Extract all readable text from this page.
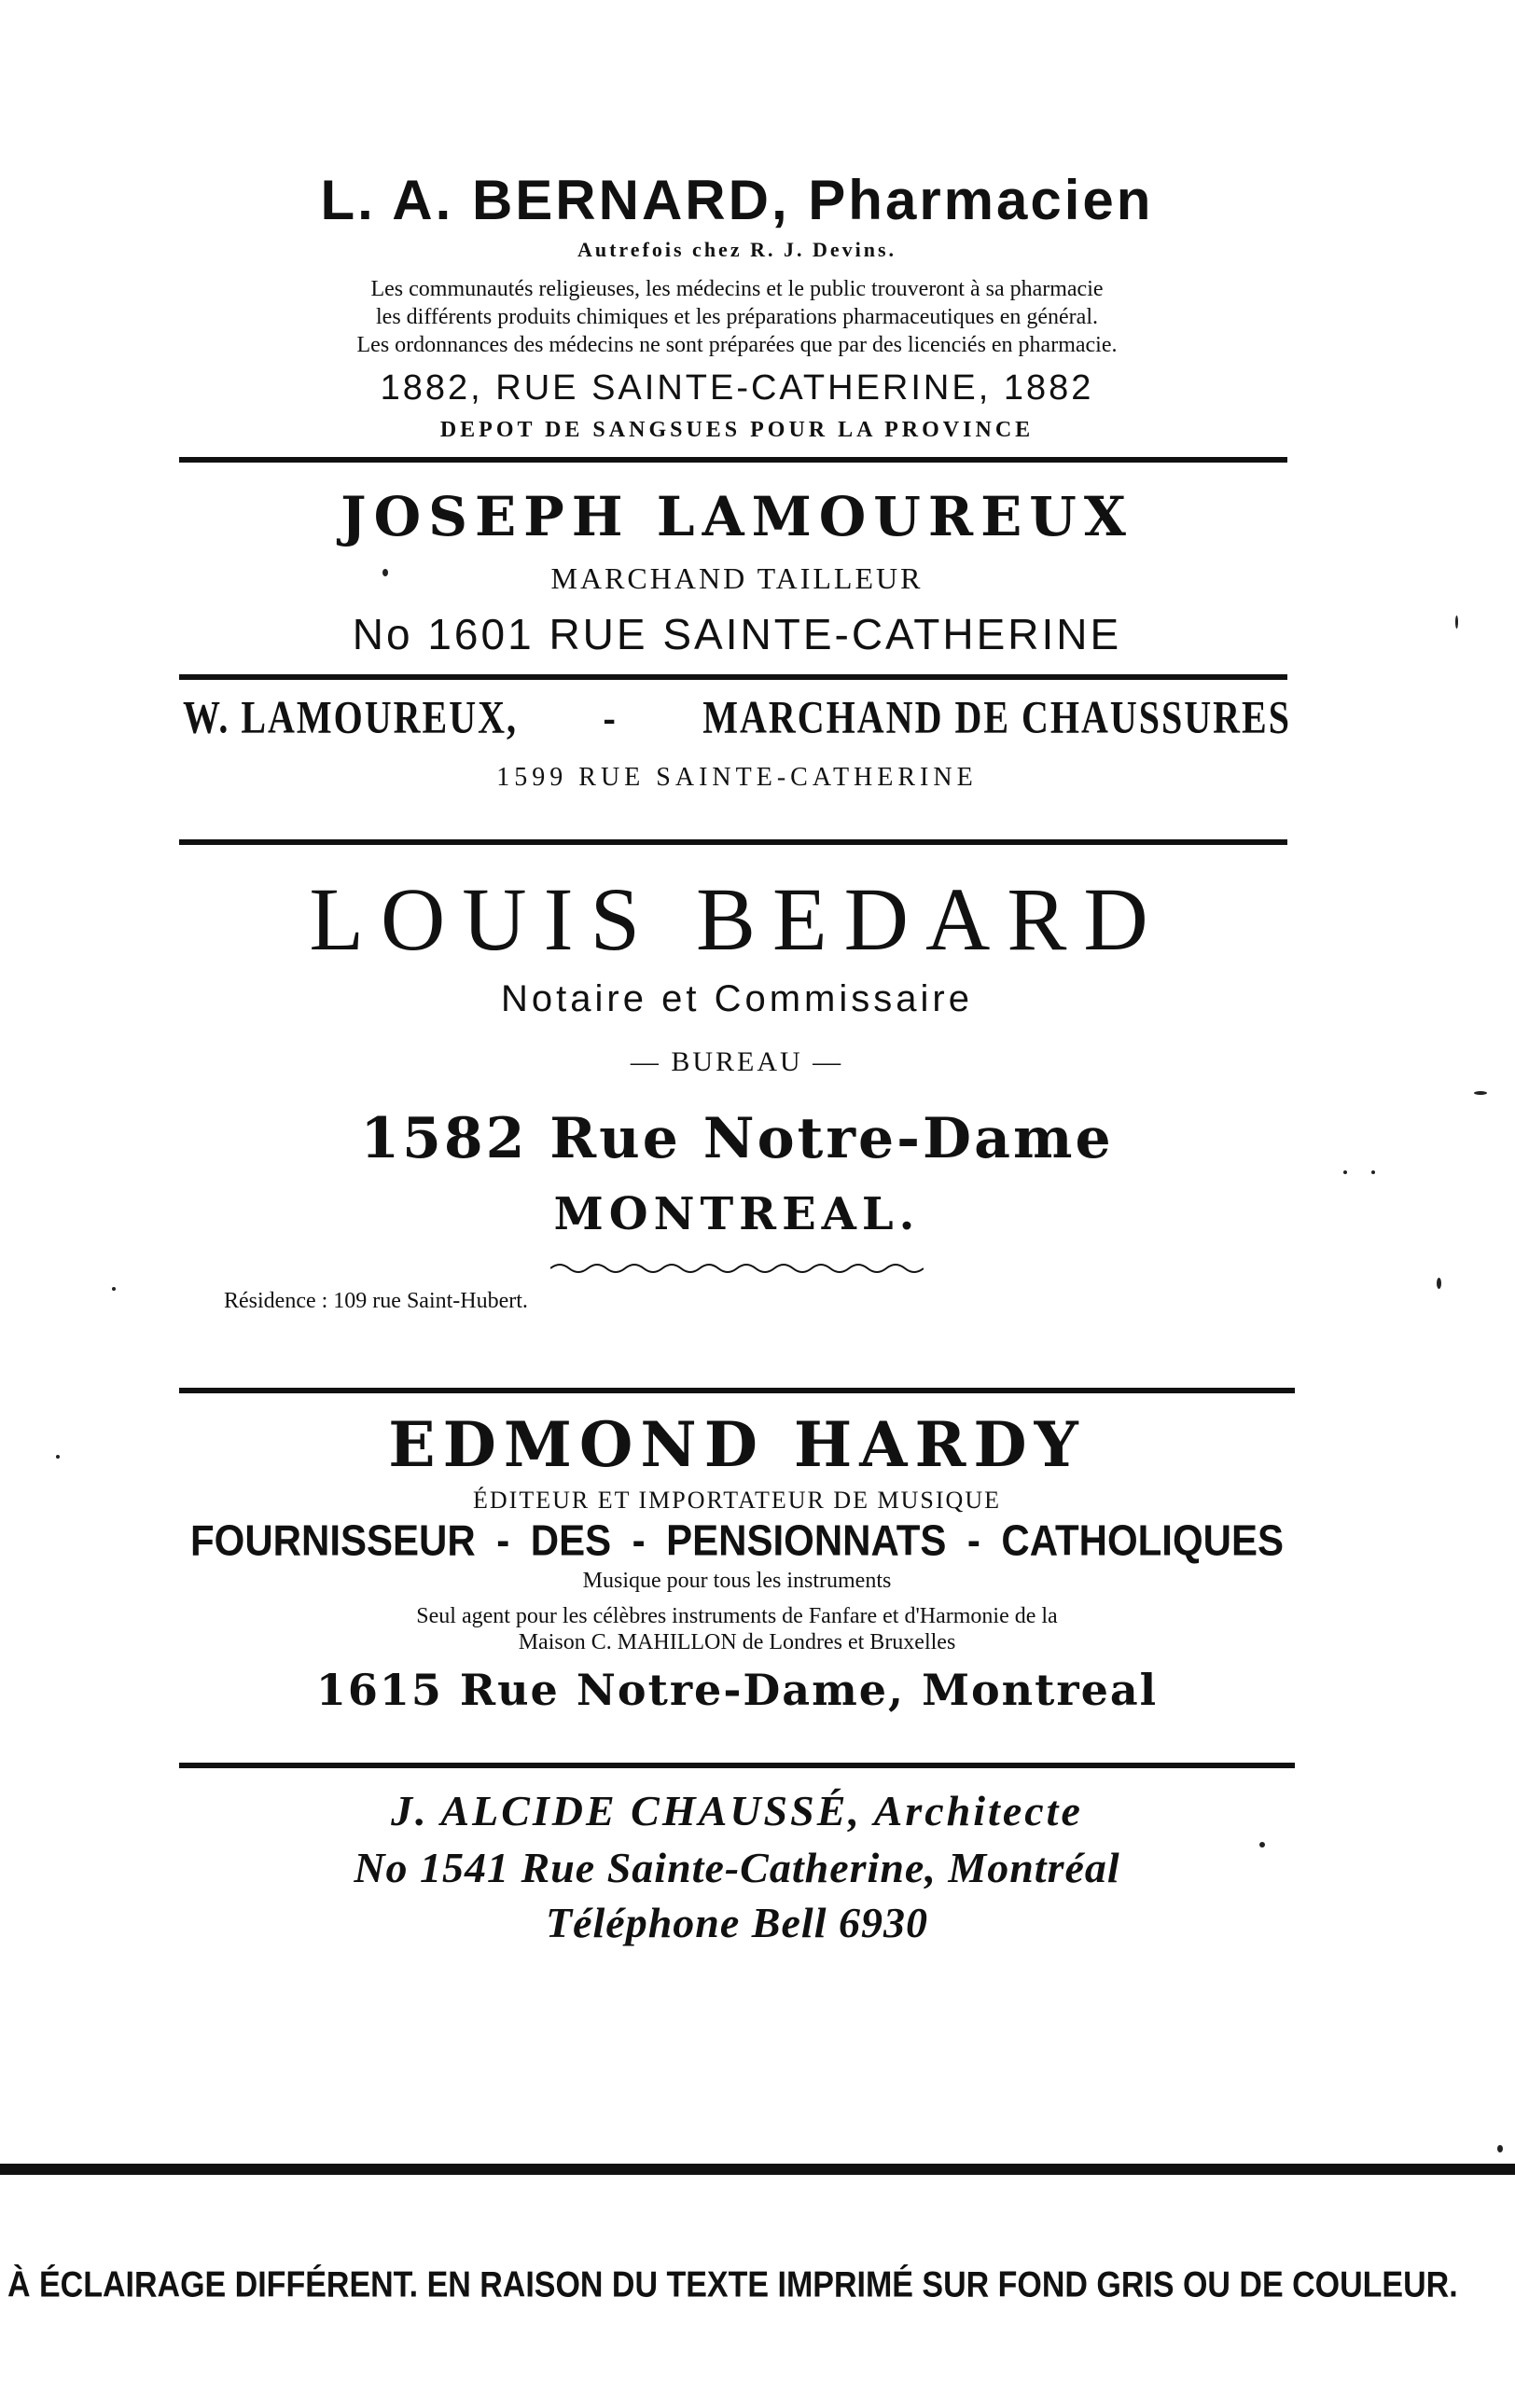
L. A. BERNARD, Pharmacien
Autrefois chez R. J. Devins.
Les communautés religieuses, les médecins et le public trouveront à sa pharmacie
les différents produits chimiques et les préparations pharmaceutiques en général.
Les ordonnances des médecins ne sont préparées que par des licenciés en pharmacie.
1882, RUE SAINTE-CATHERINE, 1882
DEPOT DE SANGSUES POUR LA PROVINCE
JOSEPH LAMOUREUX
MARCHAND TAILLEUR
No 1601 RUE SAINTE-CATHERINE
W. LAMOUREUX, - MARCHAND DE CHAUSSURES
1599 RUE SAINTE-CATHERINE
LOUIS BEDARD
Notaire et Commissaire
— BUREAU —
1582 Rue Notre-Dame
MONTREAL.
Résidence : 109 rue Saint-Hubert.
EDMOND HARDY
ÉDITEUR ET IMPORTATEUR DE MUSIQUE
FOURNISSEUR - DES - PENSIONNATS - CATHOLIQUES
Musique pour tous les instruments
Seul agent pour les célèbres instruments de Fanfare et d'Harmonie de la
Maison C. MAHILLON de Londres et Bruxelles
1615 Rue Notre-Dame, Montreal
J. ALCIDE CHAUSSÉ, Architecte
No 1541 Rue Sainte-Catherine, Montréal
Téléphone Bell 6930
À ÉCLAIRAGE DIFFÉRENT. EN RAISON DU TEXTE IMPRIMÉ SUR FOND GRIS OU DE COULEUR.
